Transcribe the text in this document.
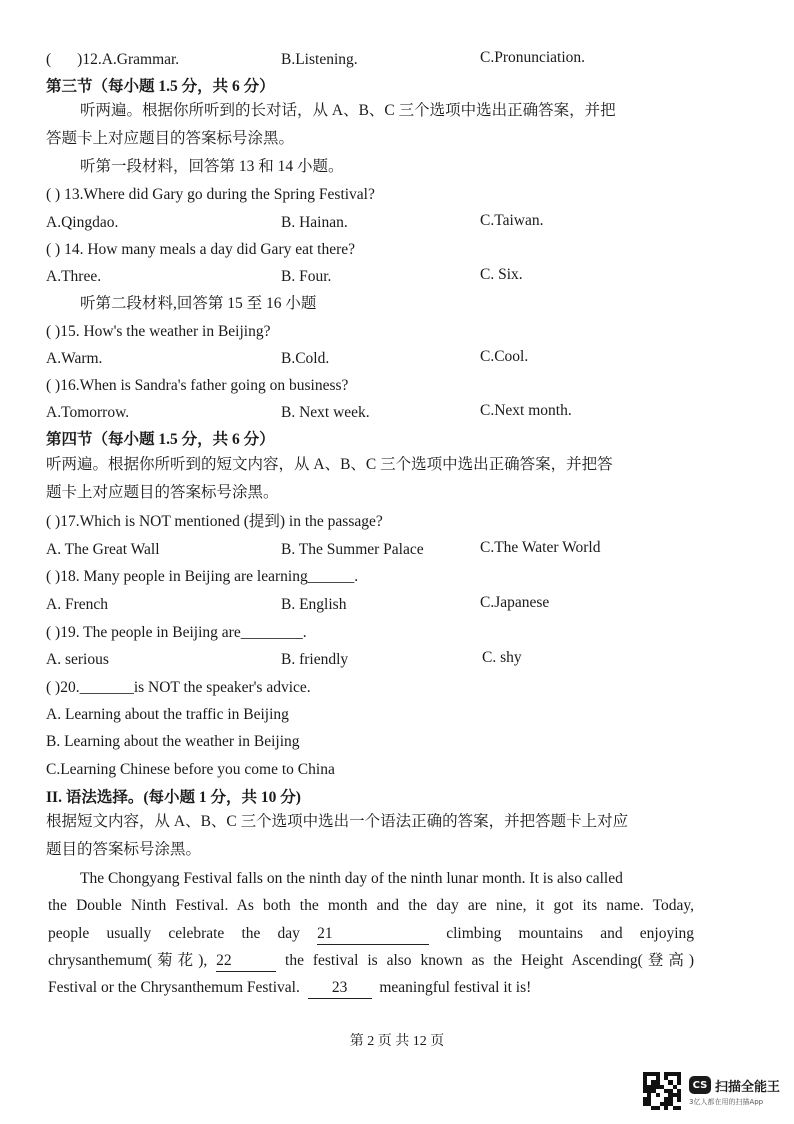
( )12.A.Grammar.	B.Listening.	C.Pronunciation.
第三节（每小题 1.5 分，共 6 分）
听两遍。根据你所听到的长对话，从 A、B、C 三个选项中选出正确答案，并把
答题卡上对应题目的答案标号涂黑。
听第一段材料，回答第 13 和 14 小题。
( ) 13.Where did Gary go during the Spring Festival?
A.Qingdao.	B. Hainan.	C.Taiwan.
( ) 14. How many meals a day did Gary eat there?
A.Three.	B. Four.	C. Six.
听第二段材料,回答第 15 至 16 小题
( )15. How's the weather in Beijing?
A.Warm.	B.Cold.	C.Cool.
( )16.When is Sandra's father going on business?
A.Tomorrow.	B. Next week.	C.Next month.
第四节（每小题 1.5 分，共 6 分）
听两遍。根据你所听到的短文内容，从 A、B、C 三个选项中选出正确答案，并把答
题卡上对应题目的答案标号涂黑。
( )17.Which is NOT mentioned (提到) in the passage?
A. The Great Wall	B. The Summer Palace	C.The Water World
( )18. Many people in Beijing are learning______.
A. French	B. English	C.Japanese
( )19. The people in Beijing are________.
A. serious	B. friendly	C. shy
( )20._______is NOT the speaker's advice.
A. Learning about the traffic in Beijing
B. Learning about the weather in Beijing
C.Learning Chinese before you come to China
II. 语法选择。(每小题 1 分，共 10 分)
根据短文内容，从 A、B、C 三个选项中选出一个语法正确的答案，并把答题卡上对应
题目的答案标号涂黑。
The Chongyang Festival falls on the ninth day of the ninth lunar month. It is also called
the Double Ninth Festival. As both the month and the day are nine, it got its name. Today,
people usually celebrate the day 21	climbing mountains and enjoying
chrysanthemum(菊花), 22	the festival is also known as the Height Ascending(登高)
Festival or the Chrysanthemum Festival. 23 meaningful festival it is!
第 2 页 共 12 页
CS 扫描全能王
3亿人都在用的扫描App
